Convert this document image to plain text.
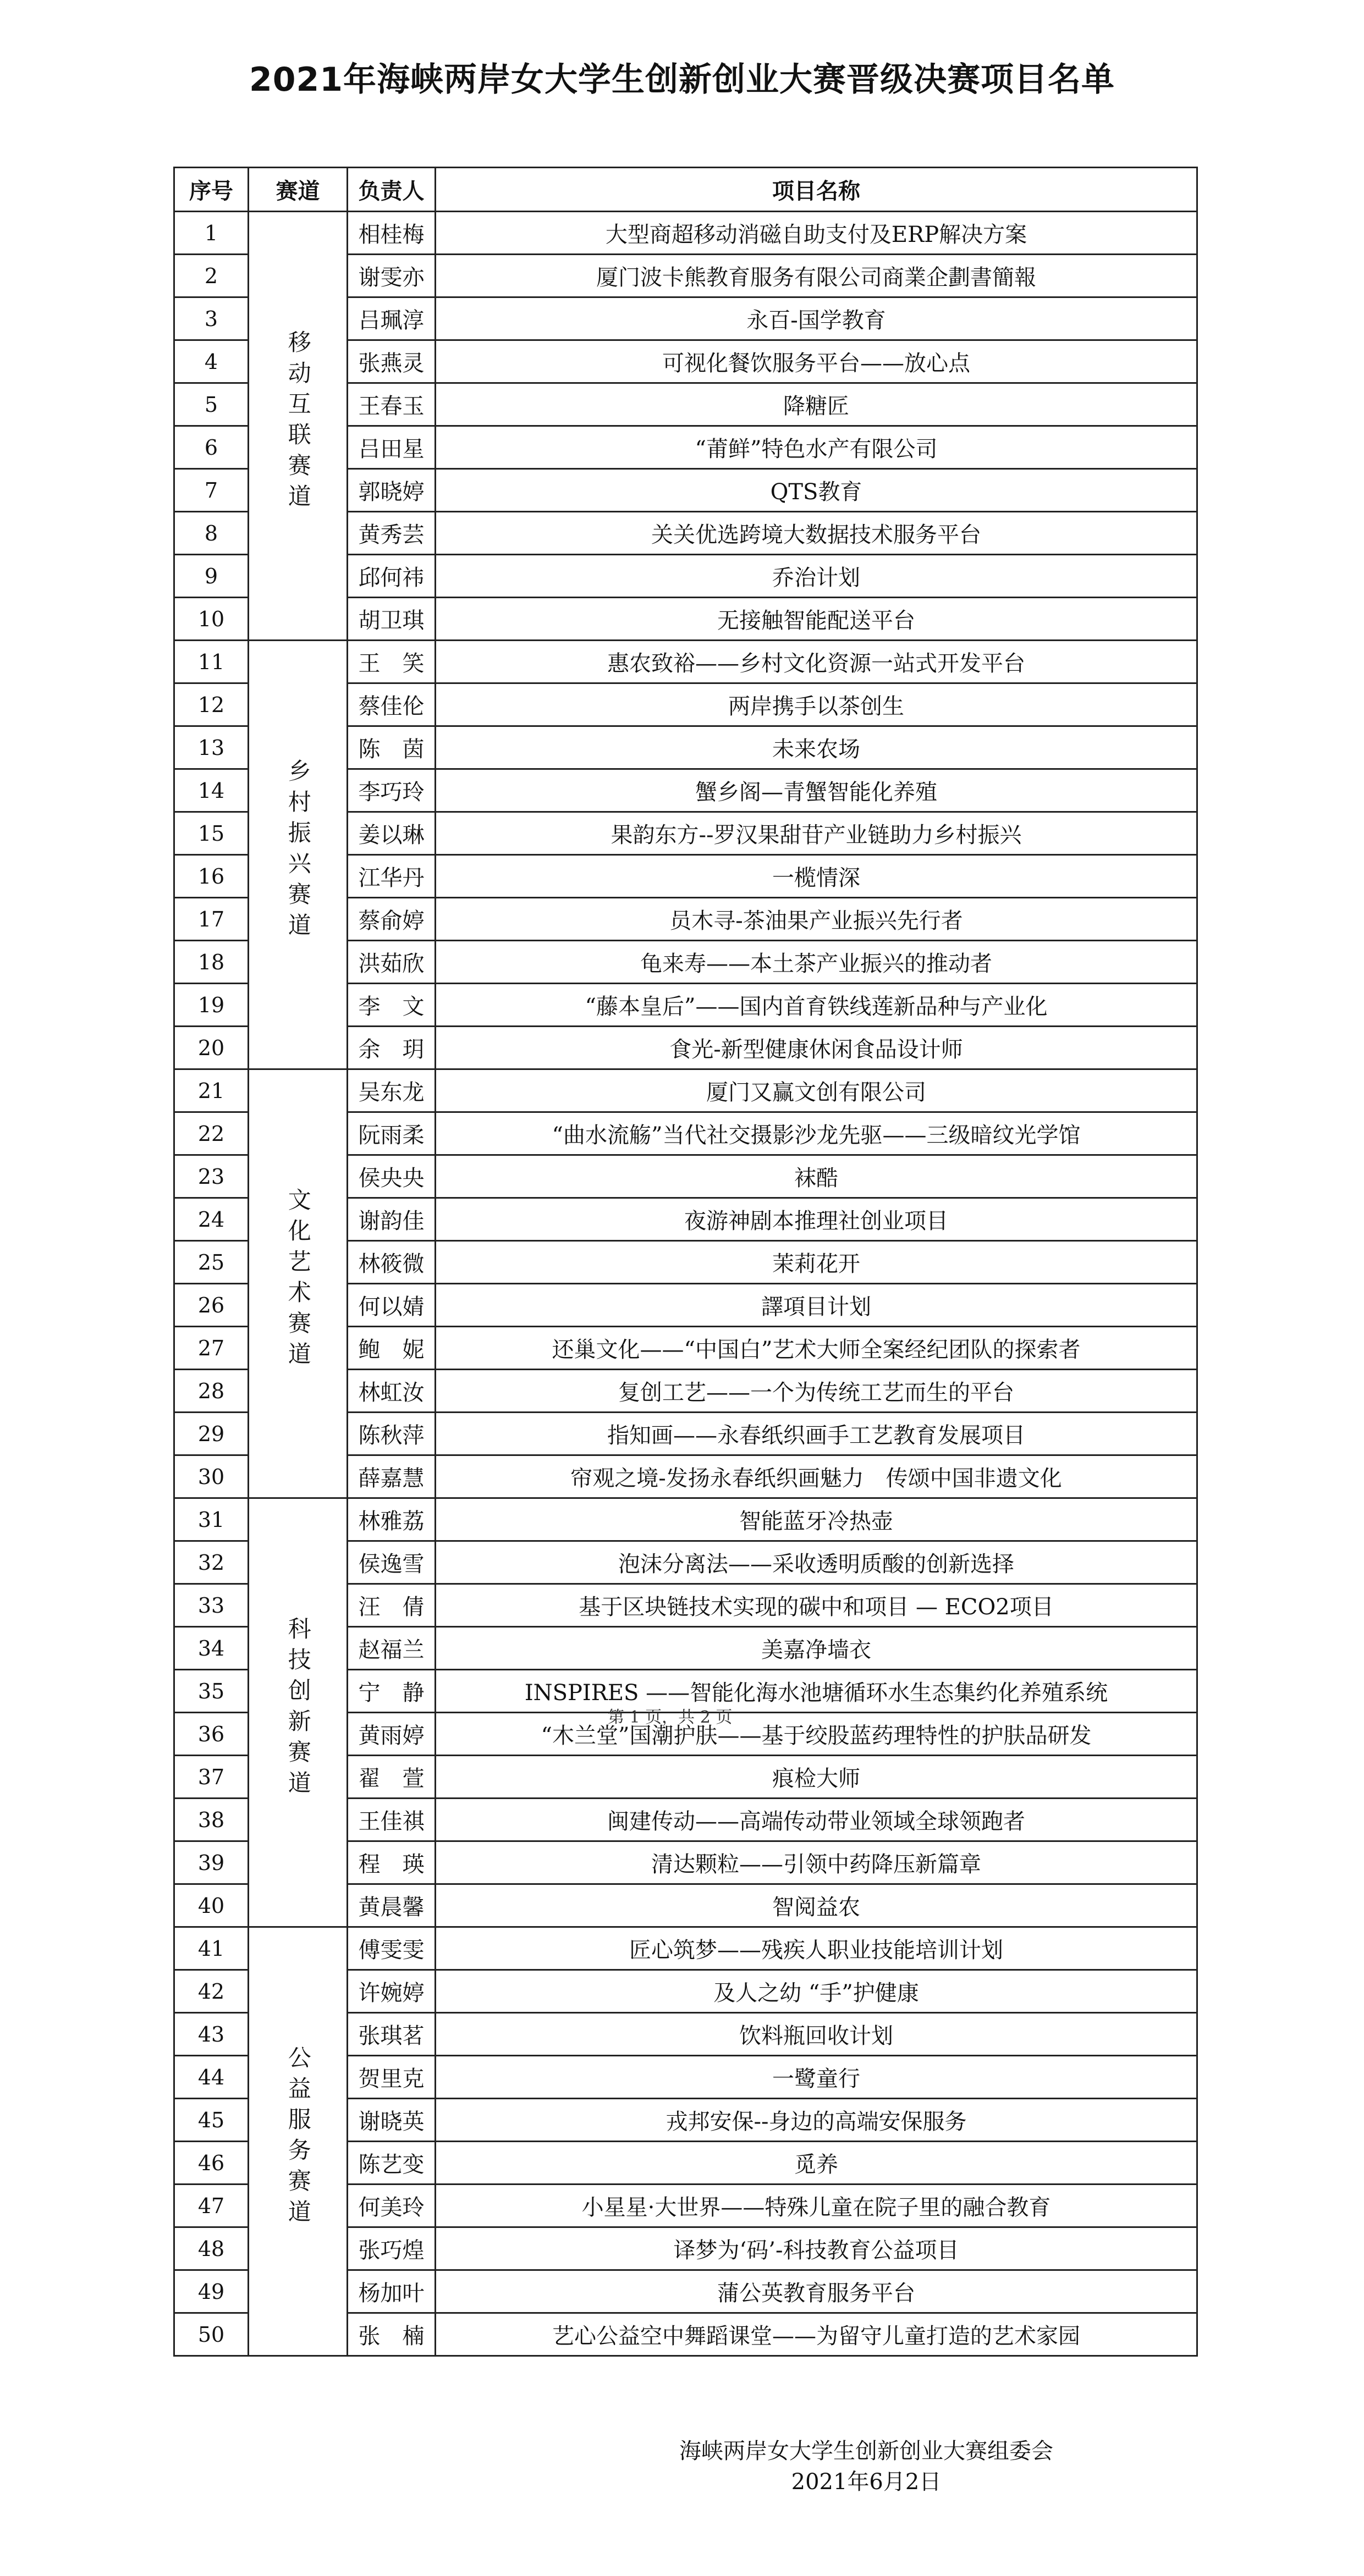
2021年海峡两岸女大学生创新创业大赛晋级决赛项目名单
序号	赛道	负责人	项目名称
1	移动互联赛道	相桂梅	大型商超移动消磁自助支付及ERP解决方案
2		谢雯亦	厦门波卡熊教育服务有限公司商業企劃書簡報
3		吕珮淳	永百-国学教育
4		张燕灵	可视化餐饮服务平台——放心点
5		王春玉	降糖匠
6		吕田星	“莆鲜”特色水产有限公司
7		郭晓婷	QTS教育
8		黄秀芸	关关优选跨境大数据技术服务平台
9		邱何祎	乔治计划
10		胡卫琪	无接触智能配送平台
11	乡村振兴赛道	王　笑	惠农致裕——乡村文化资源一站式开发平台
12		蔡佳伦	两岸携手以茶创生
13		陈　茵	未来农场
14		李巧玲	蟹乡阁—青蟹智能化养殖
15		姜以琳	果韵东方--罗汉果甜苷产业链助力乡村振兴
16		江华丹	一榄情深
17		蔡俞婷	员木寻-茶油果产业振兴先行者
18		洪茹欣	龟来寿——本土茶产业振兴的推动者
19		李　文	“藤本皇后”——国内首育铁线莲新品种与产业化
20		余　玥	食光-新型健康休闲食品设计师
21	文化艺术赛道	吴东龙	厦门又赢文创有限公司
22		阮雨柔	“曲水流觞”当代社交摄影沙龙先驱——三级暗纹光学馆
23		侯央央	袜酷
24		谢韵佳	夜游神剧本推理社创业项目
25		林筱微	茉莉花开
26		何以婧	譯項目计划
27		鲍　妮	还巢文化——“中国白”艺术大师全案经纪团队的探索者
28		林虹汝	复创工艺——一个为传统工艺而生的平台
29		陈秋萍	指知画——永春纸织画手工艺教育发展项目
30		薛嘉慧	帘观之境-发扬永春纸织画魅力　传颂中国非遗文化
31	科技创新赛道	林雅荔	智能蓝牙冷热壶
32		侯逸雪	泡沫分离法——采收透明质酸的创新选择
33		汪　倩	基于区块链技术实现的碳中和项目 — ECO2项目
34		赵福兰	美嘉净墙衣
35		宁　静	INSPIRES ——智能化海水池塘循环水生态集约化养殖系统
36		黄雨婷	“木兰堂”国潮护肤——基于绞股蓝药理特性的护肤品研发
37		翟　萱	痕检大师
38		王佳祺	闽建传动——高端传动带业领域全球领跑者
39		程　瑛	清达颗粒——引领中药降压新篇章
40		黄晨馨	智阅益农
41	公益服务赛道	傅雯雯	匠心筑梦——残疾人职业技能培训计划
42		许婉婷	及人之幼 “手”护健康
43		张琪茗	饮料瓶回收计划
44		贺里克	一鹭童行
45		谢晓英	戎邦安保--身边的高端安保服务
46		陈艺变	觅养
47		何美玲	小星星·大世界——特殊儿童在院子里的融合教育
48		张巧煌	译梦为‘码’-科技教育公益项目
49		杨加叶	蒲公英教育服务平台
50		张　楠	艺心公益空中舞蹈课堂——为留守儿童打造的艺术家园
第 1 页，共 2 页
海峡两岸女大学生创新创业大赛组委会
2021年6月2日
